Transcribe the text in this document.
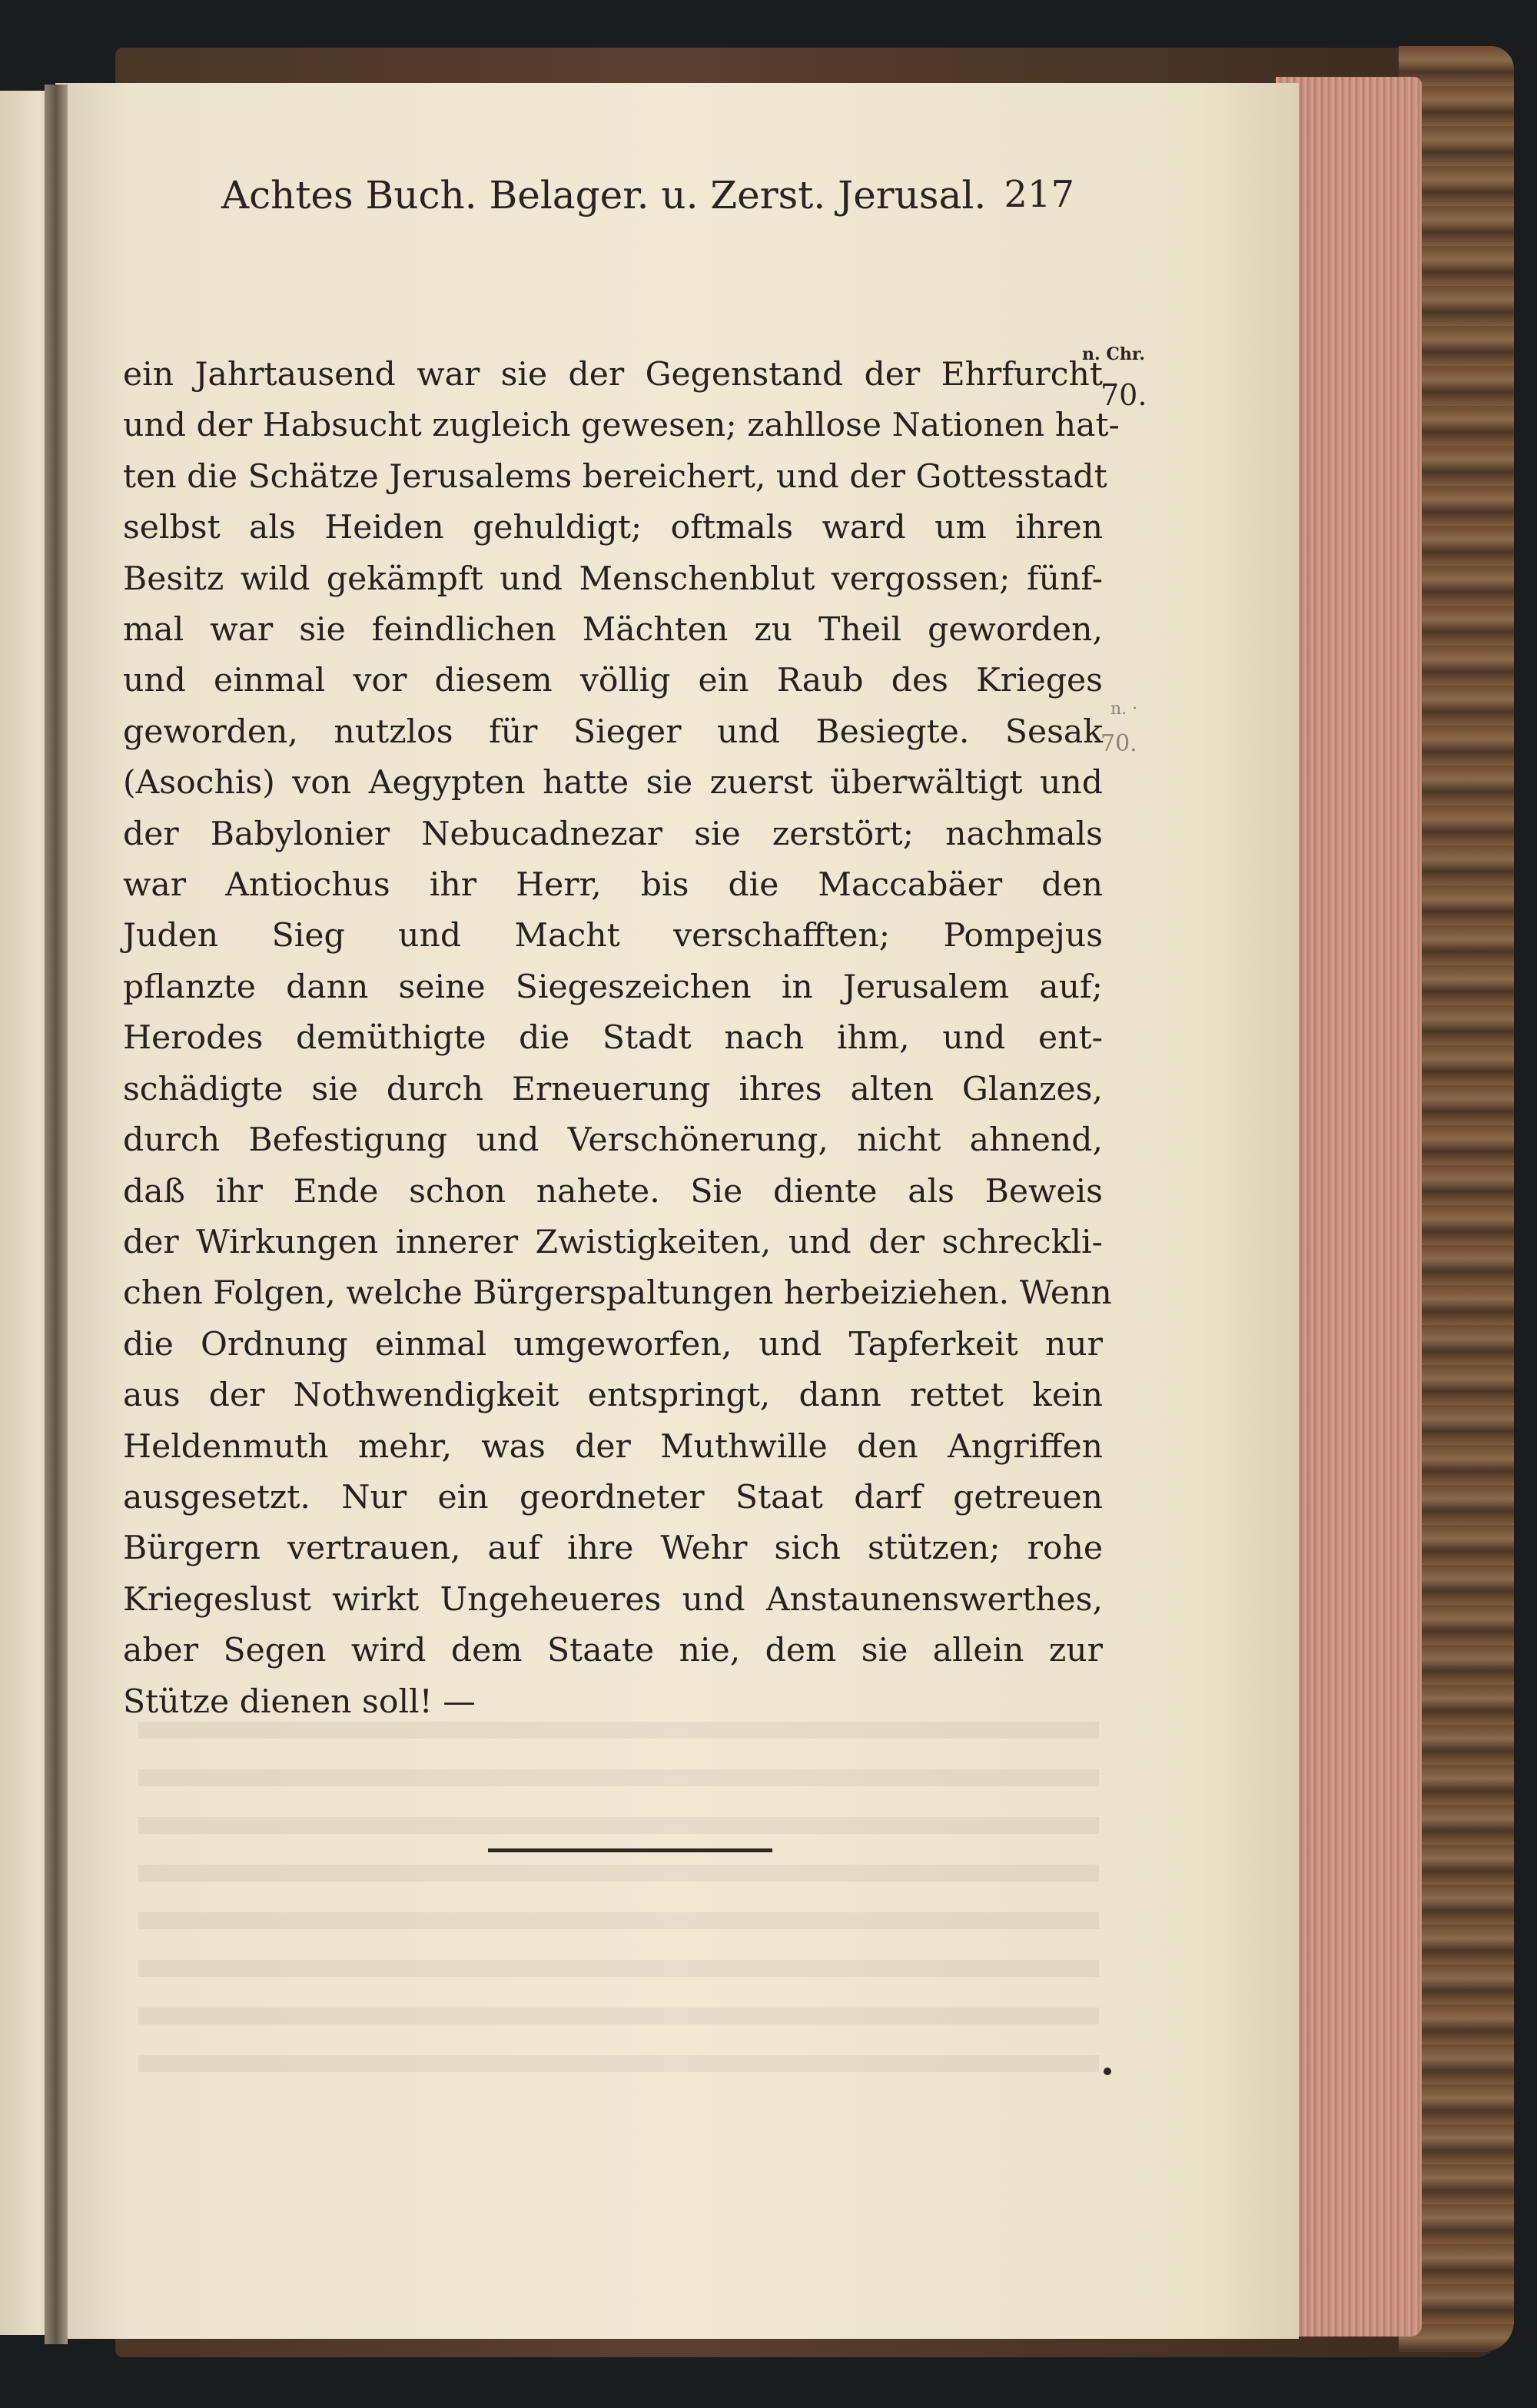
Achtes Buch. Belager. u. Zerst. Jerusal. 217
n. Chr.
70.
n. ·
70.
ein Jahrtausend war sie der Gegenstand der Ehrfurcht
und der Habsucht zugleich gewesen; zahllose Nationen hat-
ten die Schätze Jerusalems bereichert, und der Gottesstadt
selbst als Heiden gehuldigt; oftmals ward um ihren
Besitz wild gekämpft und Menschenblut vergossen; fünf-
mal war sie feindlichen Mächten zu Theil geworden,
und einmal vor diesem völlig ein Raub des Krieges
geworden, nutzlos für Sieger und Besiegte. Sesak
(Asochis) von Aegypten hatte sie zuerst überwältigt und
der Babylonier Nebucadnezar sie zerstört; nachmals
war Antiochus ihr Herr, bis die Maccabäer den
Juden Sieg und Macht verschafften; Pompejus
pflanzte dann seine Siegeszeichen in Jerusalem auf;
Herodes demüthigte die Stadt nach ihm, und ent-
schädigte sie durch Erneuerung ihres alten Glanzes,
durch Befestigung und Verschönerung, nicht ahnend,
daß ihr Ende schon nahete. Sie diente als Beweis
der Wirkungen innerer Zwistigkeiten, und der schreckli-
chen Folgen, welche Bürgerspaltungen herbeiziehen. Wenn
die Ordnung einmal umgeworfen, und Tapferkeit nur
aus der Nothwendigkeit entspringt, dann rettet kein
Heldenmuth mehr, was der Muthwille den Angriffen
ausgesetzt. Nur ein geordneter Staat darf getreuen
Bürgern vertrauen, auf ihre Wehr sich stützen; rohe
Kriegeslust wirkt Ungeheueres und Anstaunenswerthes,
aber Segen wird dem Staate nie, dem sie allein zur
Stütze dienen soll! —
